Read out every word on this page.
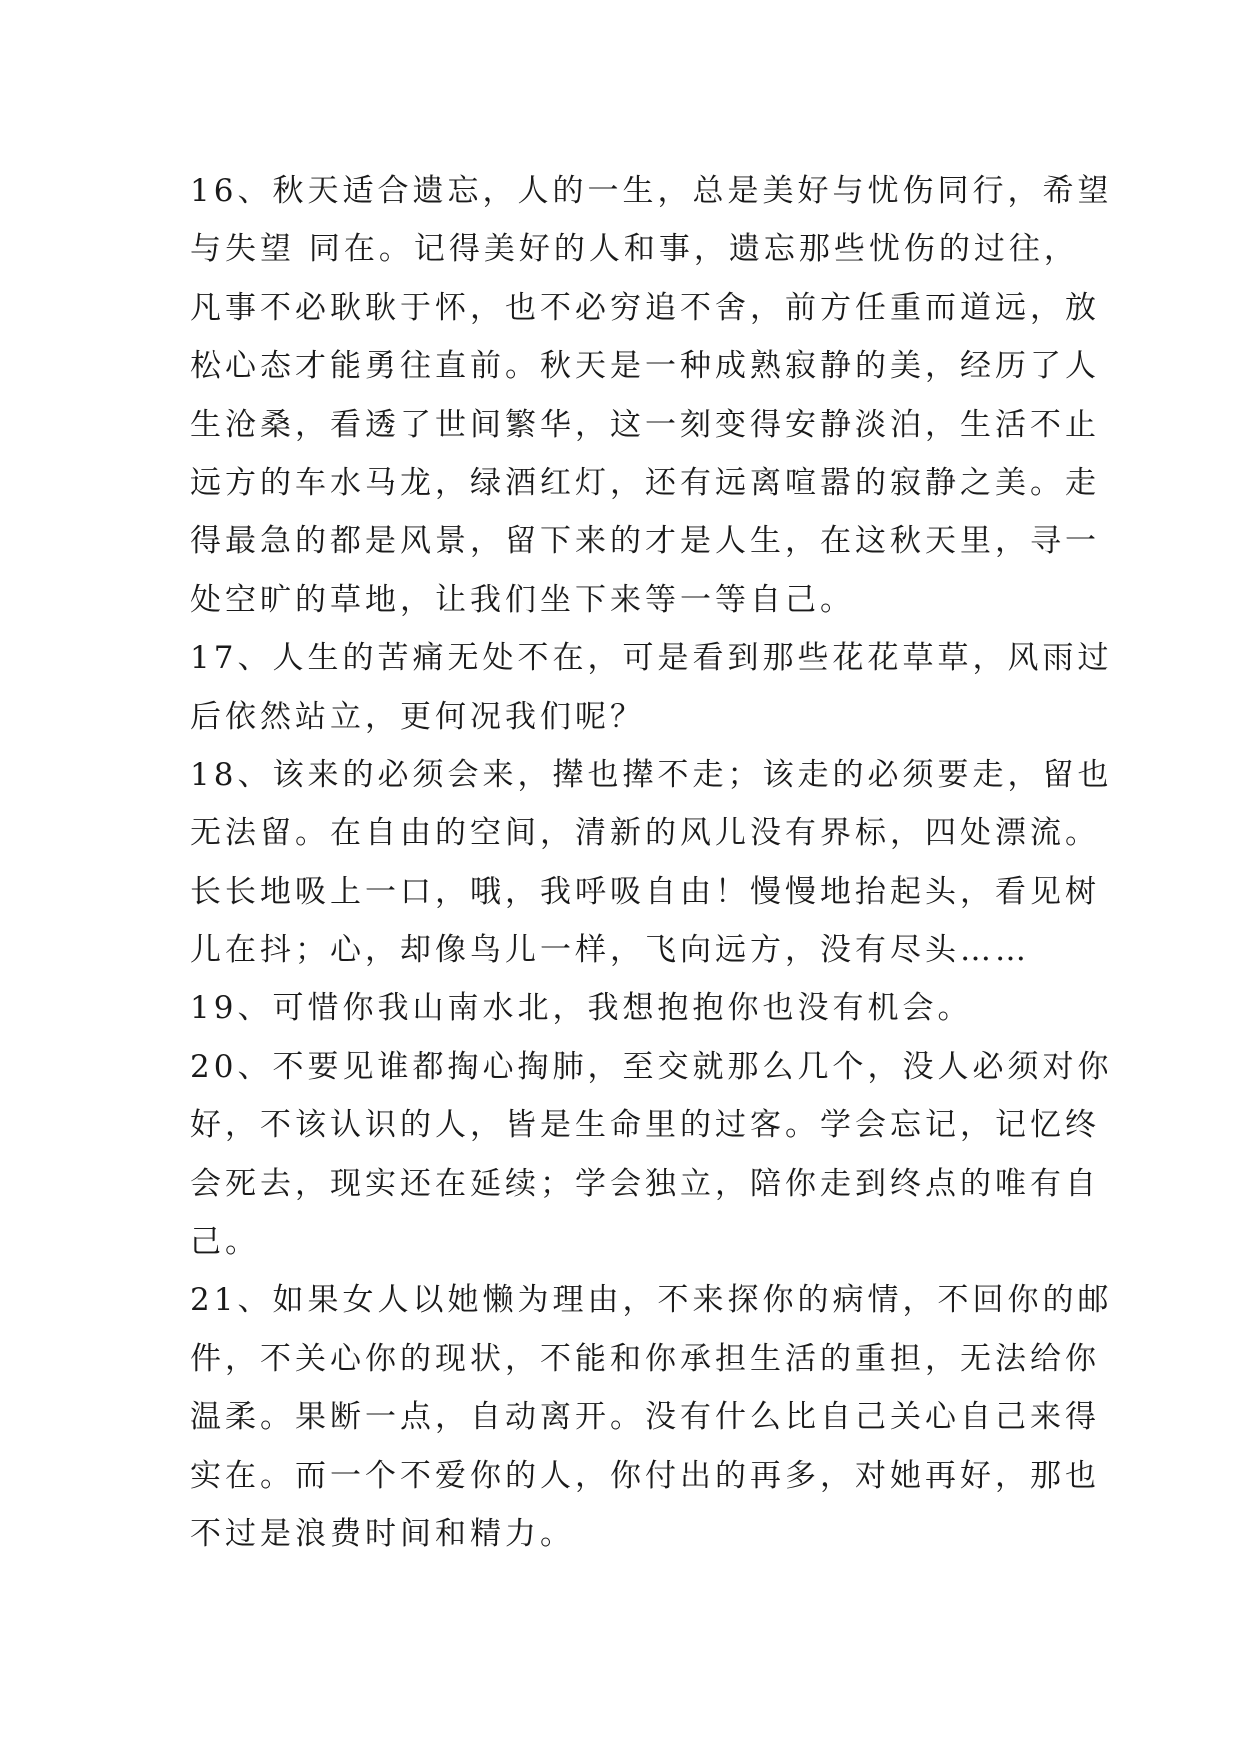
16、秋天适合遗忘，人的一生，总是美好与忧伤同行，希望
与失望 同在。记得美好的人和事，遗忘那些忧伤的过往，
凡事不必耿耿于怀，也不必穷追不舍，前方任重而道远，放
松心态才能勇往直前。秋天是一种成熟寂静的美，经历了人
生沧桑，看透了世间繁华，这一刻变得安静淡泊，生活不止
远方的车水马龙，绿酒红灯，还有远离喧嚣的寂静之美。走
得最急的都是风景，留下来的才是人生，在这秋天里，寻一
处空旷的草地，让我们坐下来等一等自己。
17、人生的苦痛无处不在，可是看到那些花花草草，风雨过
后依然站立，更何况我们呢？
18、该来的必须会来，撵也撵不走；该走的必须要走，留也
无法留。在自由的空间，清新的风儿没有界标，四处漂流。
长长地吸上一口，哦，我呼吸自由！慢慢地抬起头，看见树
儿在抖；心，却像鸟儿一样，飞向远方，没有尽头……
19、可惜你我山南水北，我想抱抱你也没有机会。
20、不要见谁都掏心掏肺，至交就那么几个，没人必须对你
好，不该认识的人，皆是生命里的过客。学会忘记，记忆终
会死去，现实还在延续；学会独立，陪你走到终点的唯有自
己。
21、如果女人以她懒为理由，不来探你的病情，不回你的邮
件，不关心你的现状，不能和你承担生活的重担，无法给你
温柔。果断一点，自动离开。没有什么比自己关心自己来得
实在。而一个不爱你的人，你付出的再多，对她再好，那也
不过是浪费时间和精力。
